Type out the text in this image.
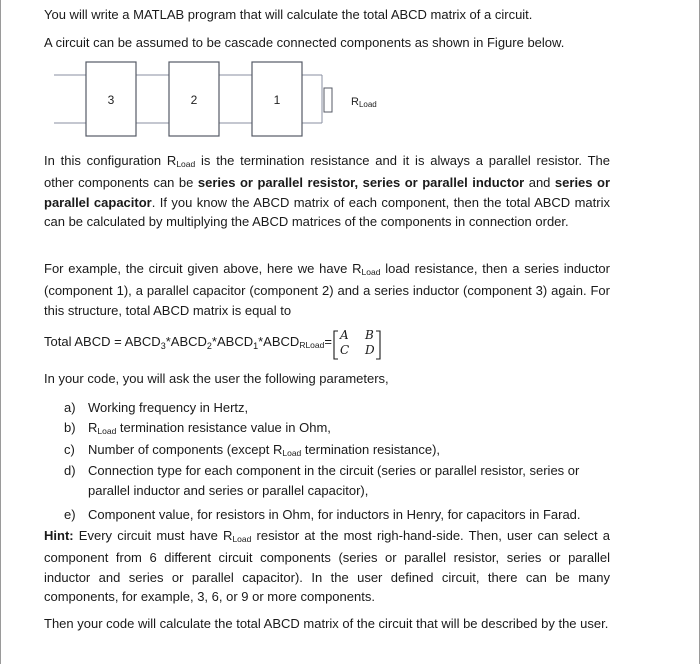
You will write a MATLAB program that will calculate the total ABCD matrix of a circuit.

A circuit can be assumed to be cascade connected components as shown in Figure below.

3	2	1	RLoad

In this configuration RLoad is the termination resistance and it is always a parallel resistor. The other components can be series or parallel resistor, series or parallel inductor and series or parallel capacitor. If you know the ABCD matrix of each component, then the total ABCD matrix can be calculated by multiplying the ABCD matrices of the components in connection order.

For example, the circuit given above, here we have RLoad load resistance, then a series inductor (component 1), a parallel capacitor (component 2) and a series inductor (component 3) again. For this structure, total ABCD matrix is equal to

Total ABCD = $ABCD_3*ABCD_2*ABCD_1*ABCDRLoad= A$ B
C D

In your code, you will ask the user the following parameters,

a) Working frequency in Hertz,
b) RLoad termination resistance value in Ohm,
c) Number of components (except RLoad termination resistance),
d) Connection type for each component in the circuit (series or parallel resistor, series or parallel inductor and series or parallel capacitor),
e) Component value, for resistors in Ohm, for inductors in Henry, for capacitors in Farad.

Hint: Every circuit must have RLoad resistor at the most righ-hand-side. Then, user can select a component from 6 different circuit components (series or parallel resistor, series or parallel inductor and series or parallel capacitor). In the user defined circuit, there can be many components, for example, 3, 6, or 9 or more components.

Then your code will calculate the total ABCD matrix of the circuit that will be described by the user.
